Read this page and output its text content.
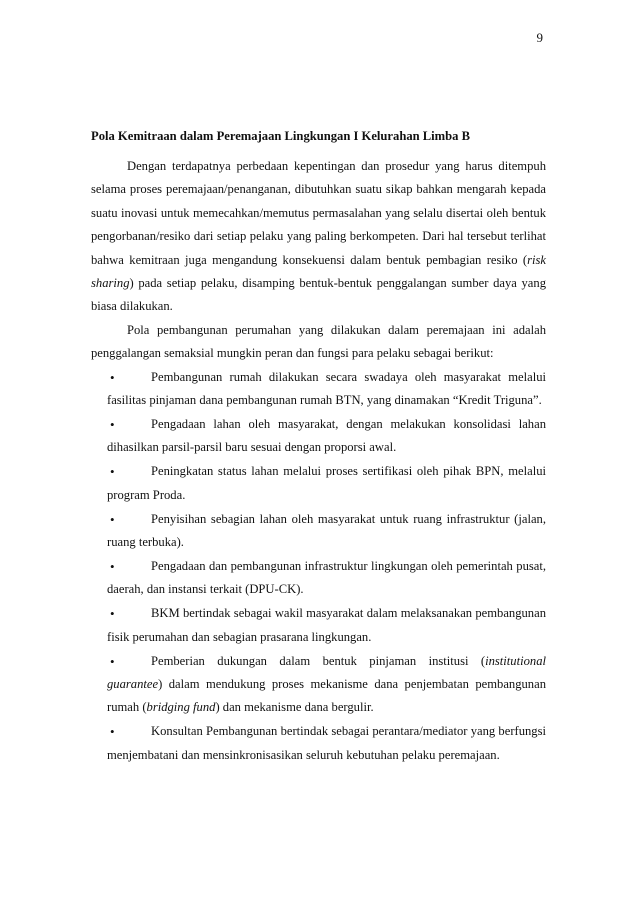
9

Pola Kemitraan dalam Peremajaan Lingkungan I Kelurahan Limba B

Dengan terdapatnya perbedaan kepentingan dan prosedur yang harus ditempuh selama proses peremajaan/penanganan, dibutuhkan suatu sikap bahkan mengarah kepada suatu inovasi untuk memecahkan/memutus permasalahan yang selalu disertai oleh bentuk pengorbanan/resiko dari setiap pelaku yang paling berkompeten. Dari hal tersebut terlihat bahwa kemitraan juga mengandung konsekuensi dalam bentuk pembagian resiko (risk sharing) pada setiap pelaku, disamping bentuk-bentuk penggalangan sumber daya yang biasa dilakukan.

Pola pembangunan perumahan yang dilakukan dalam peremajaan ini adalah penggalangan semaksial mungkin peran dan fungsi para pelaku sebagai berikut:

• Pembangunan rumah dilakukan secara swadaya oleh masyarakat melalui fasilitas pinjaman dana pembangunan rumah BTN, yang dinamakan “Kredit Triguna”.
• Pengadaan lahan oleh masyarakat, dengan melakukan konsolidasi lahan dihasilkan parsil-parsil baru sesuai dengan proporsi awal.
• Peningkatan status lahan melalui proses sertifikasi oleh pihak BPN, melalui program Proda.
• Penyisihan sebagian lahan oleh masyarakat untuk ruang infrastruktur (jalan, ruang terbuka).
• Pengadaan dan pembangunan infrastruktur lingkungan oleh pemerintah pusat, daerah, dan instansi terkait (DPU-CK).
• BKM bertindak sebagai wakil masyarakat dalam melaksanakan pembangunan fisik perumahan dan sebagian prasarana lingkungan.
• Pemberian dukungan dalam bentuk pinjaman institusi (institutional guarantee) dalam mendukung proses mekanisme dana penjembatan pembangunan rumah (bridging fund) dan mekanisme dana bergulir.
• Konsultan Pembangunan bertindak sebagai perantara/mediator yang berfungsi menjembatani dan mensinkronisasikan seluruh kebutuhan pelaku peremajaan.
